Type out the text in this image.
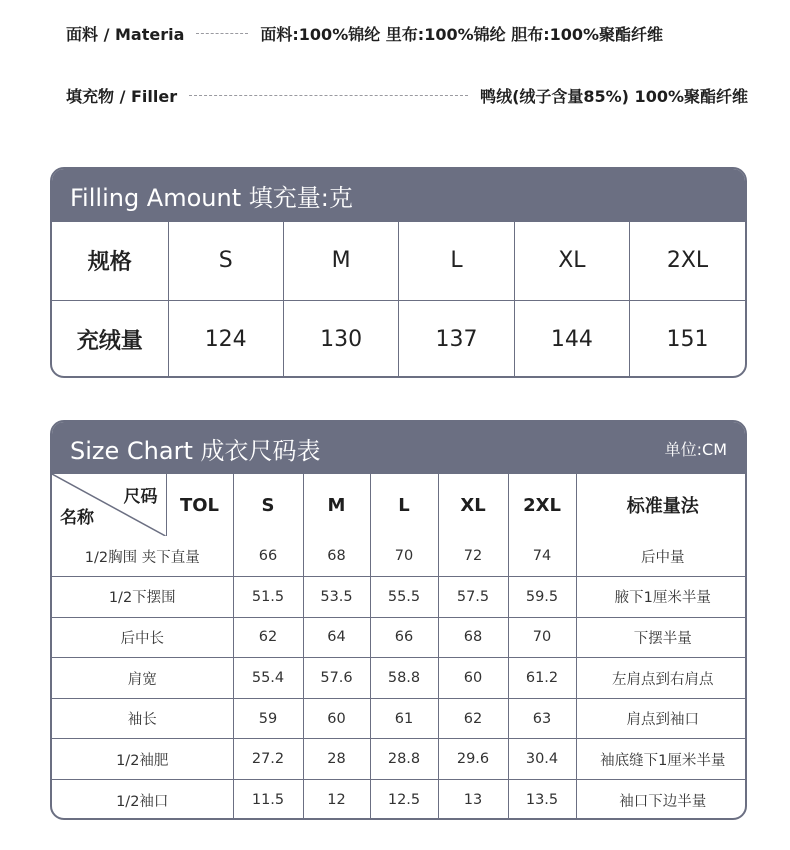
面料 / Materia	面料:100%锦纶 里布:100%锦纶 胆布:100%聚酯纤维
填充物 / Filler	鸭绒(绒子含量85%) 100%聚酯纤维
Filling Amount 填充量:克
规格	S	M	L	XL	2XL
充绒量	124	130	137	144	151
Size Chart 成衣尺码表	单位:CM
尺码
名称	TOL	S	M	L	XL	2XL	标准量法
1/2胸围 夹下直量		66	68	70	72	74	后中量
1/2下摆围		51.5	53.5	55.5	57.5	59.5	腋下1厘米半量
后中长		62	64	66	68	70	下摆半量
肩宽		55.4	57.6	58.8	60	61.2	左肩点到右肩点
袖长		59	60	61	62	63	肩点到袖口
1/2袖肥		27.2	28	28.8	29.6	30.4	袖底缝下1厘米半量
1/2袖口		11.5	12	12.5	13	13.5	袖口下边半量
